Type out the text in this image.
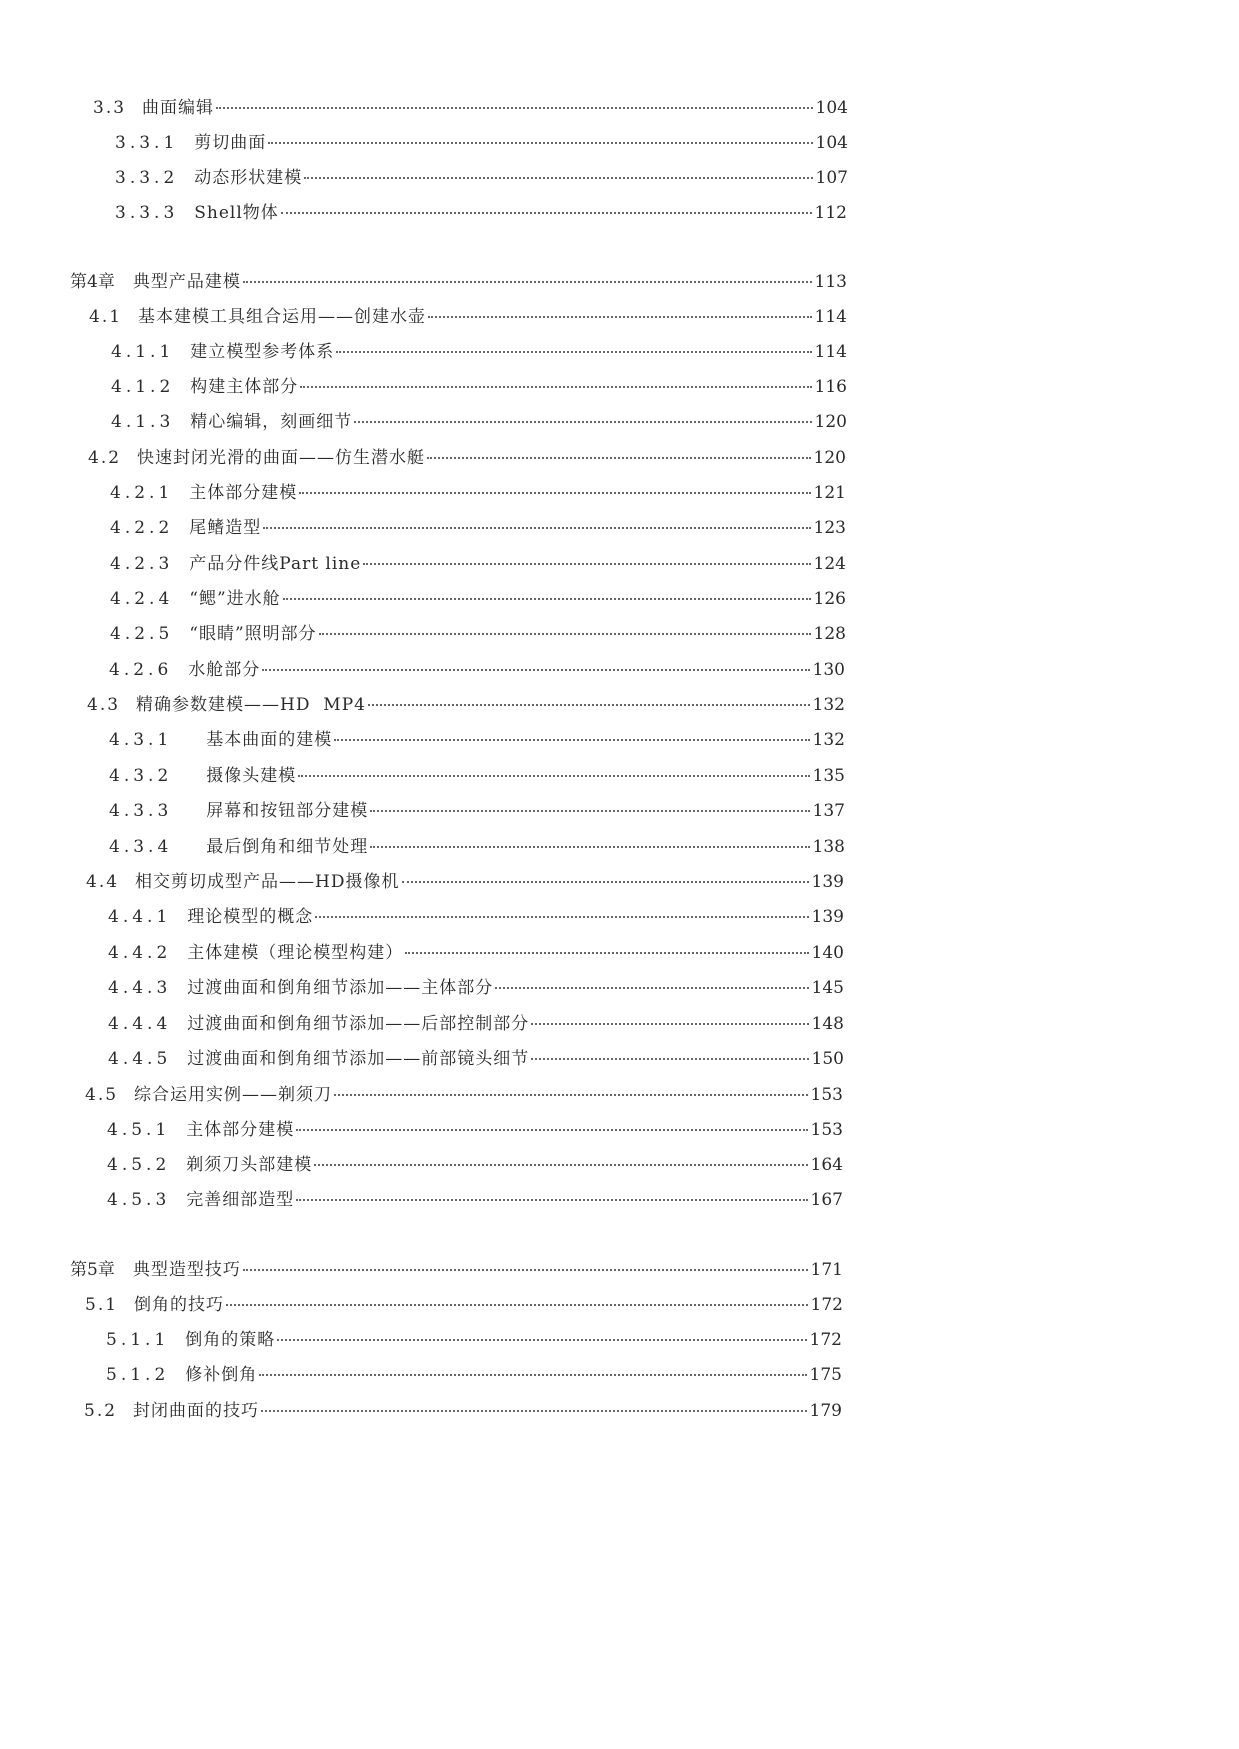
3.3 曲面编辑	104
3.3.1 剪切曲面	104
3.3.2 动态形状建模	107
3.3.3 Shell物体	112
第4章 典型产品建模	113
4.1 基本建模工具组合运用——创建水壶	114
4.1.1 建立模型参考体系	114
4.1.2 构建主体部分	116
4.1.3 精心编辑，刻画细节	120
4.2 快速封闭光滑的曲面——仿生潜水艇	120
4.2.1 主体部分建模	121
4.2.2 尾鳍造型	123
4.2.3 产品分件线Part line	124
4.2.4 “鳃”进水舱	126
4.2.5 “眼睛”照明部分	128
4.2.6 水舱部分	130
4.3 精确参数建模——HD  MP4	132
4.3.1 基本曲面的建模	132
4.3.2 摄像头建模	135
4.3.3 屏幕和按钮部分建模	137
4.3.4 最后倒角和细节处理	138
4.4 相交剪切成型产品——HD摄像机	139
4.4.1 理论模型的概念	139
4.4.2 主体建模（理论模型构建）	140
4.4.3 过渡曲面和倒角细节添加——主体部分	145
4.4.4 过渡曲面和倒角细节添加——后部控制部分	148
4.4.5 过渡曲面和倒角细节添加——前部镜头细节	150
4.5 综合运用实例——剃须刀	153
4.5.1 主体部分建模	153
4.5.2 剃须刀头部建模	164
4.5.3 完善细部造型	167
第5章 典型造型技巧	171
5.1 倒角的技巧	172
5.1.1 倒角的策略	172
5.1.2 修补倒角	175
5.2 封闭曲面的技巧	179
